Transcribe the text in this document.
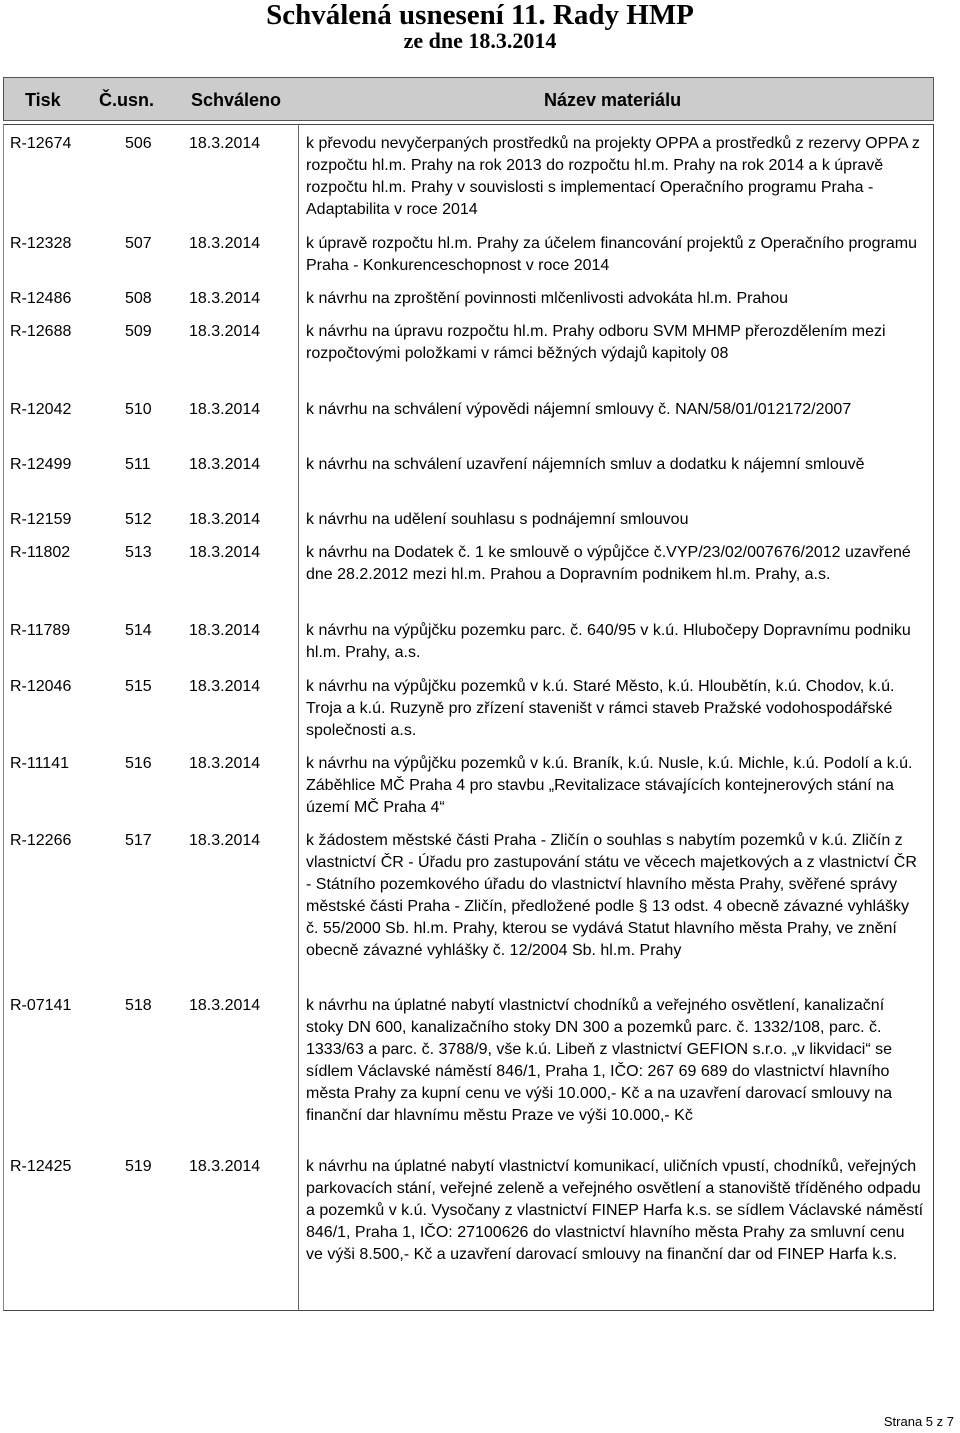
Schválená usnesení 11. Rady HMP
ze dne 18.3.2014
Tisk Č.usn. Schváleno	Název materiálu
R-12674	506 18.3.2014	k převodu nevyčerpaných prostředků na projekty OPPA a prostředků z rezervy OPPA z rozpočtu hl.m. Prahy na rok 2013 do rozpočtu hl.m. Prahy na rok 2014 a k úpravě rozpočtu hl.m. Prahy v souvislosti s implementací Operačního programu Praha - Adaptabilita v roce 2014
R-12328	507 18.3.2014	k úpravě rozpočtu hl.m. Prahy za účelem financování projektů z Operačního programu Praha - Konkurenceschopnost v roce 2014
R-12486	508 18.3.2014	k návrhu na zproštění povinnosti mlčenlivosti advokáta hl.m. Prahou
R-12688	509 18.3.2014	k návrhu na úpravu rozpočtu hl.m. Prahy odboru SVM MHMP přerozdělením mezi rozpočtovými položkami v rámci běžných výdajů kapitoly 08
R-12042	510 18.3.2014	k návrhu na schválení výpovědi nájemní smlouvy č. NAN/58/01/012172/2007
R-12499	511 18.3.2014	k návrhu na schválení uzavření nájemních smluv a dodatku k nájemní smlouvě
R-12159	512 18.3.2014	k návrhu na udělení souhlasu s podnájemní smlouvou
R-11802	513 18.3.2014	k návrhu na Dodatek č. 1 ke smlouvě o výpůjčce č.VYP/23/02/007676/2012 uzavřené dne 28.2.2012 mezi hl.m. Prahou a Dopravním podnikem hl.m. Prahy, a.s.
R-11789	514 18.3.2014	k návrhu na výpůjčku pozemku parc. č. 640/95 v k.ú. Hlubočepy Dopravnímu podniku hl.m. Prahy, a.s.
R-12046	515 18.3.2014	k návrhu na výpůjčku pozemků v k.ú. Staré Město, k.ú. Hloubětín, k.ú. Chodov, k.ú. Troja a k.ú. Ruzyně pro zřízení staveništ v rámci staveb Pražské vodohospodářské společnosti a.s.
R-11141	516 18.3.2014	k návrhu na výpůjčku pozemků v k.ú. Braník, k.ú. Nusle, k.ú. Michle, k.ú. Podolí a k.ú. Záběhlice MČ Praha 4 pro stavbu „Revitalizace stávajících kontejnerových stání na území MČ Praha 4“
R-12266	517 18.3.2014	k žádostem městské části Praha - Zličín o souhlas s nabytím pozemků v k.ú. Zličín z vlastnictví ČR - Úřadu pro zastupování státu ve věcech majetkových a z vlastnictví ČR - Státního pozemkového úřadu do vlastnictví hlavního města Prahy, svěřené správy městské části Praha - Zličín, předložené podle § 13 odst. 4 obecně závazné vyhlášky č. 55/2000 Sb. hl.m. Prahy, kterou se vydává Statut hlavního města Prahy, ve znění obecně závazné vyhlášky č. 12/2004 Sb. hl.m. Prahy
R-07141	518 18.3.2014	k návrhu na úplatné nabytí vlastnictví chodníků a veřejného osvětlení, kanalizační stoky DN 600, kanalizačního stoky DN 300 a pozemků parc. č. 1332/108, parc. č. 1333/63 a parc. č. 3788/9, vše k.ú. Libeň z vlastnictví GEFION s.r.o. „v likvidaci“ se sídlem Václavské náměstí 846/1, Praha 1, IČO: 267 69 689 do vlastnictví hlavního města Prahy za kupní cenu ve výši 10.000,- Kč a na uzavření darovací smlouvy na finanční dar hlavnímu městu Praze ve výši 10.000,- Kč
R-12425	519 18.3.2014	k návrhu na úplatné nabytí vlastnictví komunikací, uličních vpustí, chodníků, veřejných parkovacích stání, veřejné zeleně a veřejného osvětlení a stanoviště tříděného odpadu a pozemků v k.ú. Vysočany z vlastnictví FINEP Harfa k.s. se sídlem Václavské náměstí 846/1, Praha 1, IČO: 27100626 do vlastnictví hlavního města Prahy za smluvní cenu ve výši 8.500,- Kč a uzavření darovací smlouvy na finanční dar od FINEP Harfa k.s.
Strana 5 z 7
